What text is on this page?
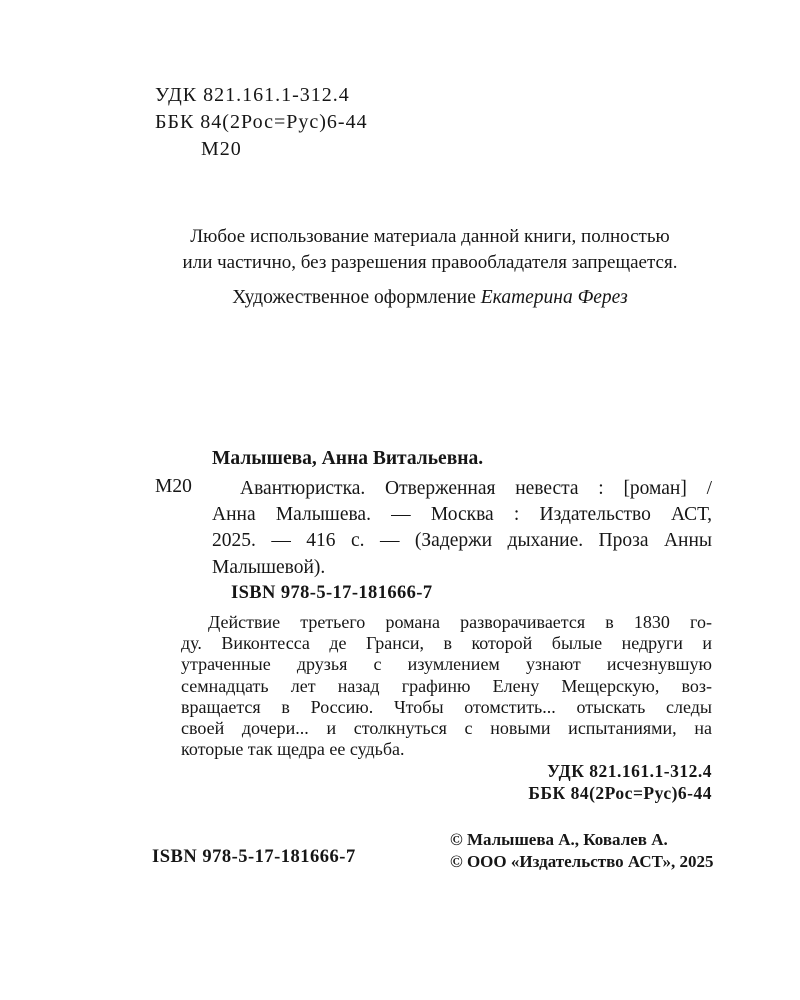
УДК 821.161.1-312.4
ББК 84(2Рос=Рус)6-44
М20
Любое использование материала данной книги, полностью
или частично, без разрешения правообладателя запрещается.
Художественное оформление Екатерина Ферез
Малышева, Анна Витальевна.
М20	Авантюристка. Отверженная невеста : [роман] /
Анна Малышева. — Москва : Издательство АСТ,
2025. — 416 с. — (Задержи дыхание. Проза Анны
Малышевой).
ISBN 978-5-17-181666-7
Действие третьего романа разворачивается в 1830 го-
ду. Виконтесса де Гранси, в которой былые недруги и
утраченные друзья с изумлением узнают исчезнувшую
семнадцать лет назад графиню Елену Мещерскую, воз-
вращается в Россию. Чтобы отомстить... отыскать следы
своей дочери... и столкнуться с новыми испытаниями, на
которые так щедра ее судьба.
УДК 821.161.1-312.4
ББК 84(2Рос=Рус)6-44
ISBN 978-5-17-181666-7
© Малышева А., Ковалев А.
© ООО «Издательство АСТ», 2025
